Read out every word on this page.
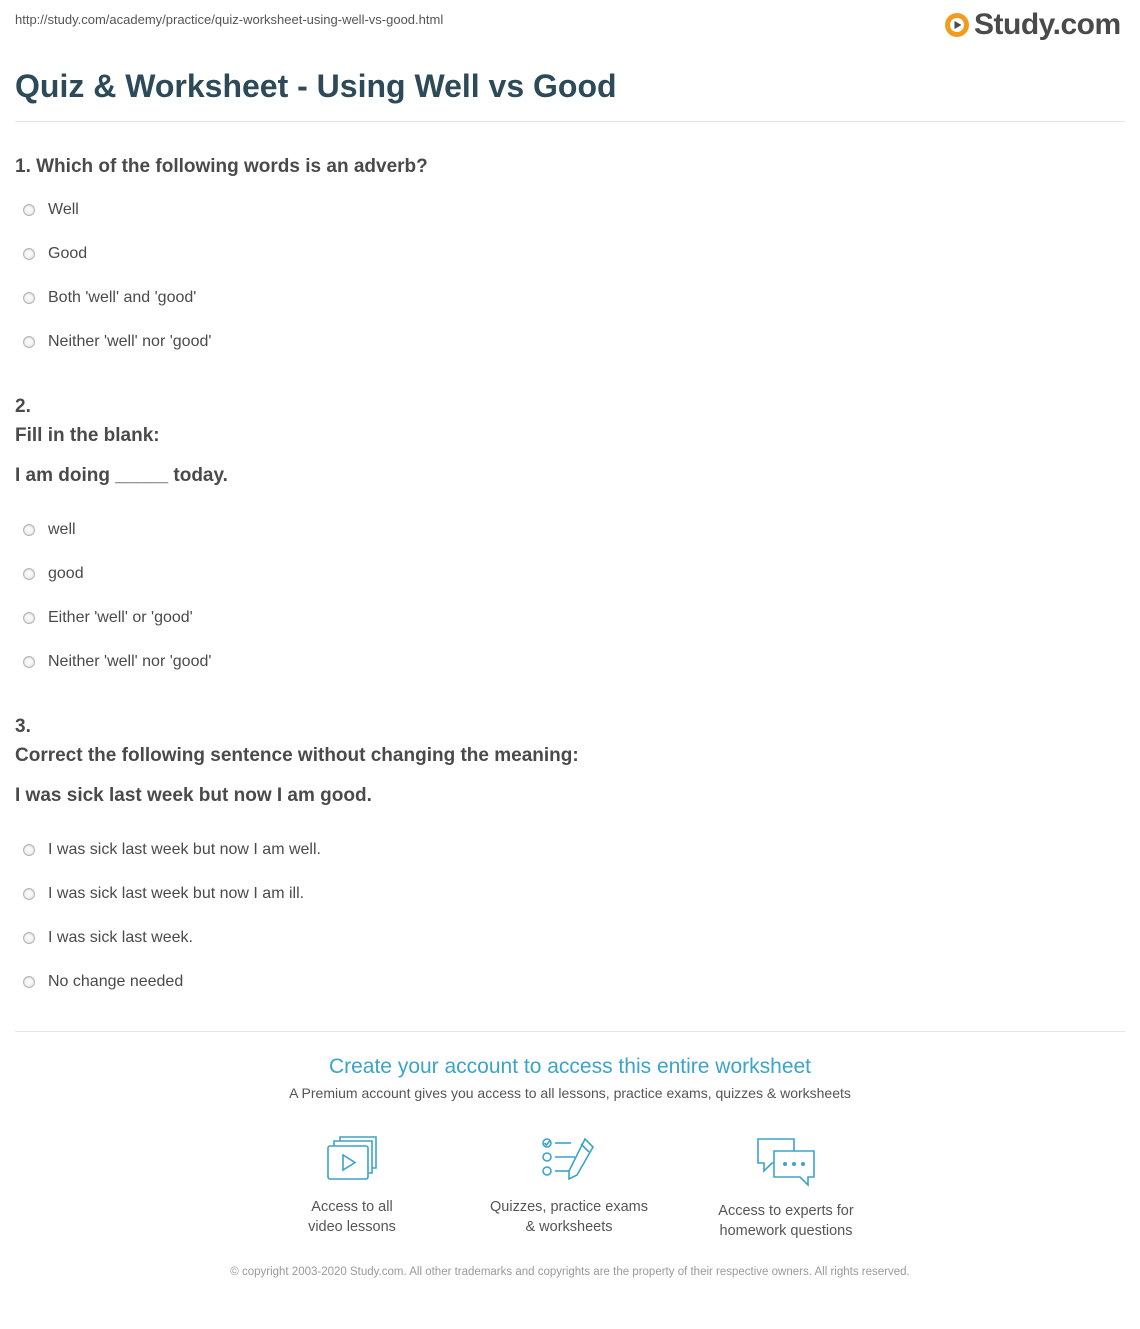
http://study.com/academy/practice/quiz-worksheet-using-well-vs-good.html	Study.com
Quiz & Worksheet - Using Well vs Good

1. Which of the following words is an adverb?

Well
Good
Both 'well' and 'good'
Neither 'well' nor 'good'

2.

Fill in the blank:

I am doing _____ today.

well
good
Either 'well' or 'good'
Neither 'well' nor 'good'

3.

Correct the following sentence without changing the meaning:

I was sick last week but now I am good.

I was sick last week but now I am well.
I was sick last week but now I am ill.
I was sick last week.
No change needed
Create your account to access this entire worksheet
A Premium account gives you access to all lessons, practice exams, quizzes & worksheets
Access to all
video lessons
Quizzes, practice exams
& worksheets
Access to experts for
homework questions
© copyright 2003-2020 Study.com. All other trademarks and copyrights are the property of their respective owners. All rights reserved.
